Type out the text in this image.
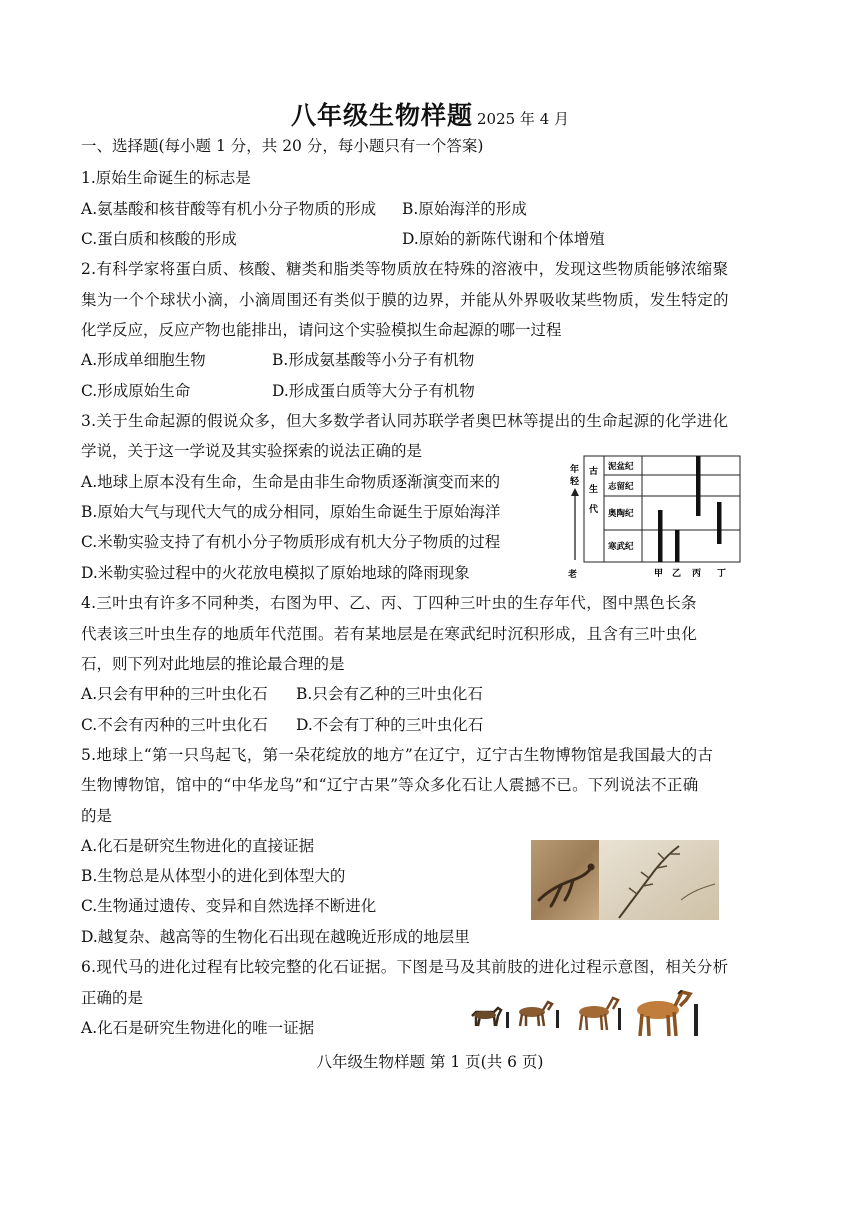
八年级生物样题 2025 年 4 月
一、选择题(每小题 1 分，共 20 分，每小题只有一个答案)
1.原始生命诞生的标志是
A.氨基酸和核苷酸等有机小分子物质的形成 B.原始海洋的形成
C.蛋白质和核酸的形成	D.原始的新陈代谢和个体增殖
2.有科学家将蛋白质、核酸、糖类和脂类等物质放在特殊的溶液中，发现这些物质能够浓缩聚
集为一个个球状小滴，小滴周围还有类似于膜的边界，并能从外界吸收某些物质，发生特定的
化学反应，反应产物也能排出，请问这个实验模拟生命起源的哪一过程
A.形成单细胞生物	B.形成氨基酸等小分子有机物
C.形成原始生命	D.形成蛋白质等大分子有机物
3.关于生命起源的假说众多，但大多数学者认同苏联学者奥巴林等提出的生命起源的化学进化
学说，关于这一学说及其实验探索的说法正确的是
A.地球上原本没有生命，生命是由非生命物质逐渐演变而来的
B.原始大气与现代大气的成分相同，原始生命诞生于原始海洋
C.米勒实验支持了有机小分子物质形成有机大分子物质的过程
D.米勒实验过程中的火花放电模拟了原始地球的降雨现象
年
轻
老
古
生
代
泥盆纪
志留纪
奥陶纪
寒武纪
甲 乙 丙 丁
4.三叶虫有许多不同种类，右图为甲、乙、丙、丁四种三叶虫的生存年代，图中黑色长条
代表该三叶虫生存的地质年代范围。若有某地层是在寒武纪时沉积形成，且含有三叶虫化
石，则下列对此地层的推论最合理的是
A.只会有甲种的三叶虫化石 B.只会有乙种的三叶虫化石
C.不会有丙种的三叶虫化石 D.不会有丁种的三叶虫化石
5.地球上“第一只鸟起飞，第一朵花绽放的地方”在辽宁，辽宁古生物博物馆是我国最大的古
生物博物馆，馆中的“中华龙鸟”和“辽宁古果”等众多化石让人震撼不已。下列说法不正确
的是
A.化石是研究生物进化的直接证据
B.生物总是从体型小的进化到体型大的
C.生物通过遗传、变异和自然选择不断进化
D.越复杂、越高等的生物化石出现在越晚近形成的地层里
6.现代马的进化过程有比较完整的化石证据。下图是马及其前肢的进化过程示意图，相关分析
正确的是
A.化石是研究生物进化的唯一证据
八年级生物样题 第 1 页(共 6 页)
